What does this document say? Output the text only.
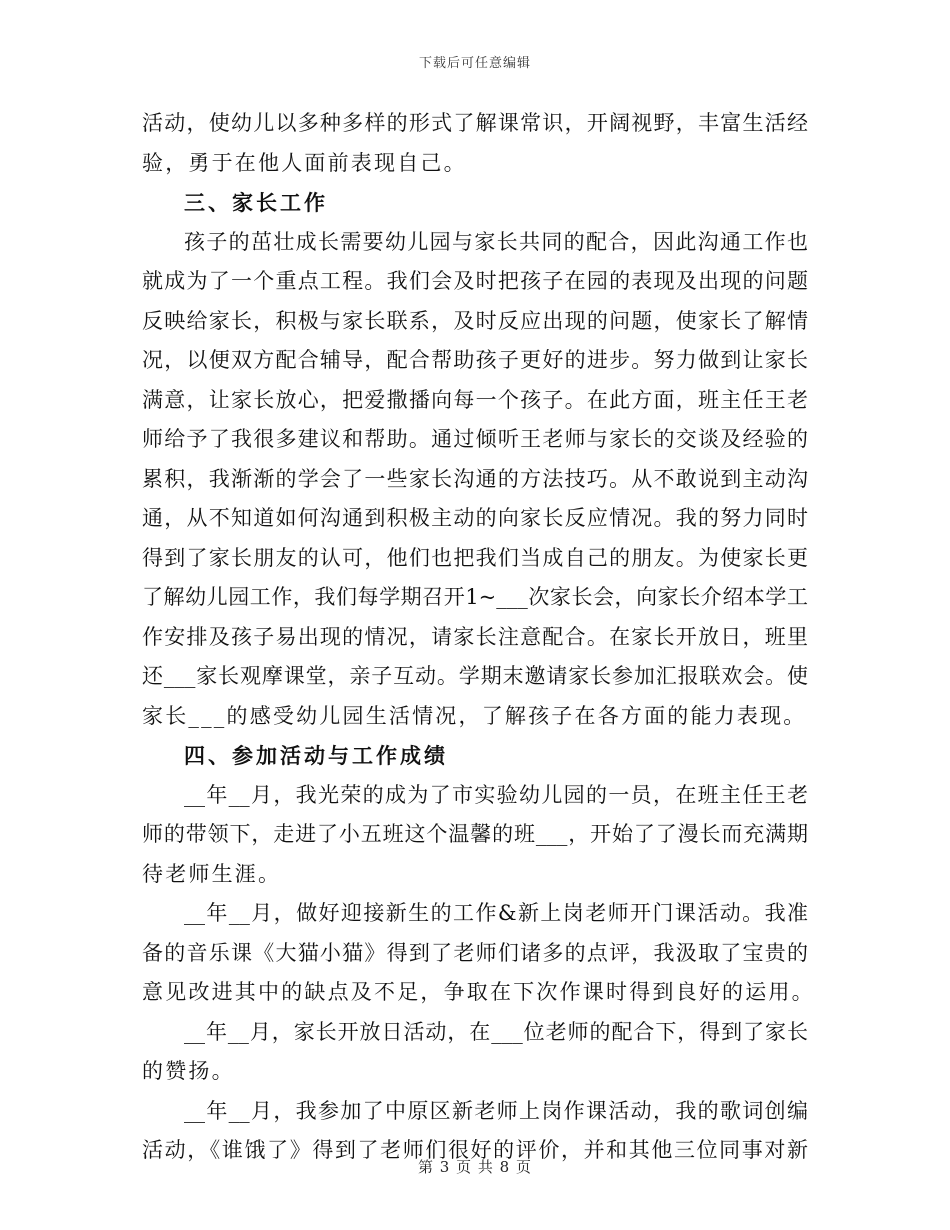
下载后可任意编辑
活动，使幼儿以多种多样的形式了解课常识，开阔视野，丰富生活经
验，勇于在他人面前表现自己。
三、家长工作
孩子的茁壮成长需要幼儿园与家长共同的配合，因此沟通工作也
就成为了一个重点工程。我们会及时把孩子在园的表现及出现的问题
反映给家长，积极与家长联系，及时反应出现的问题，使家长了解情
况，以便双方配合辅导，配合帮助孩子更好的进步。努力做到让家长
满意，让家长放心，把爱撒播向每一个孩子。在此方面，班主任王老
师给予了我很多建议和帮助。通过倾听王老师与家长的交谈及经验的
累积，我渐渐的学会了一些家长沟通的方法技巧。从不敢说到主动沟
通，从不知道如何沟通到积极主动的向家长反应情况。我的努力同时
得到了家长朋友的认可，他们也把我们当成自己的朋友。为使家长更
了解幼儿园工作，我们每学期召开1~___次家长会，向家长介绍本学工
作安排及孩子易出现的情况，请家长注意配合。在家长开放日，班里
还___家长观摩课堂，亲子互动。学期末邀请家长参加汇报联欢会。使
家长___的感受幼儿园生活情况，了解孩子在各方面的能力表现。
四、参加活动与工作成绩
__年__月，我光荣的成为了市实验幼儿园的一员，在班主任王老
师的带领下，走进了小五班这个温馨的班___，开始了了漫长而充满期
待老师生涯。
__年__月，做好迎接新生的工作&新上岗老师开门课活动。我准
备的音乐课《大猫小猫》得到了老师们诸多的点评，我汲取了宝贵的
意见改进其中的缺点及不足，争取在下次作课时得到良好的运用。
__年__月，家长开放日活动，在___位老师的配合下，得到了家长
的赞扬。
__年__月，我参加了中原区新老师上岗作课活动，我的歌词创编
活动，《谁饿了》得到了老师们很好的评价，并和其他三位同事对新
第 3 页 共 8 页
